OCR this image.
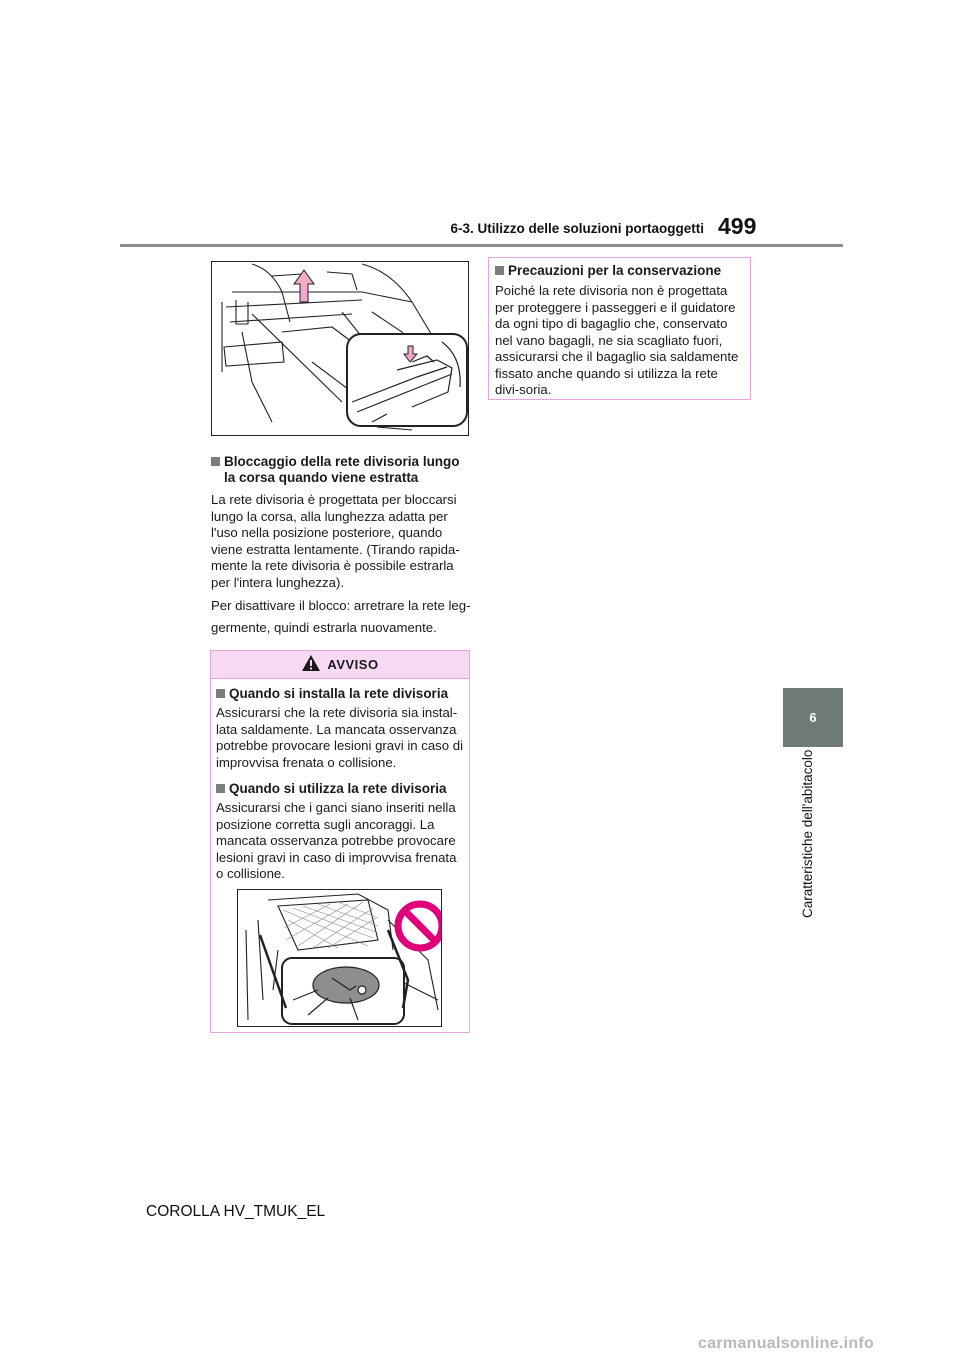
6-3. Utilizzo delle soluzioni portaoggetti 499
6
Caratteristiche dell'abitacolo
Bloccaggio della rete divisoria lungo la corsa quando viene estratta

La rete divisoria è progettata per bloccarsi lungo la corsa, alla lunghezza adatta per l'uso nella posizione posteriore, quando viene estratta lentamente. (Tirando rapida-mente la rete divisoria è possibile estrarla per l'intera lunghezza).

Per disattivare il blocco: arretrare la rete leg-germente, quindi estrarla nuovamente.

AVVISO
Quando si installa la rete divisoria

Assicurarsi che la rete divisoria sia instal-lata saldamente. La mancata osservanza potrebbe provocare lesioni gravi in caso di improvvisa frenata o collisione.

Quando si utilizza la rete divisoria

Assicurarsi che i ganci siano inseriti nella posizione corretta sugli ancoraggi. La mancata osservanza potrebbe provocare lesioni gravi in caso di improvvisa frenata o collisione.

Precauzioni per la conservazione

Poiché la rete divisoria non è progettata per proteggere i passeggeri e il guidatore da ogni tipo di bagaglio che, conservato nel vano bagagli, ne sia scagliato fuori, assicurarsi che il bagaglio sia saldamente fissato anche quando si utilizza la rete divi-soria.

COROLLA HV_TMUK_EL
carmanualsonline.info
